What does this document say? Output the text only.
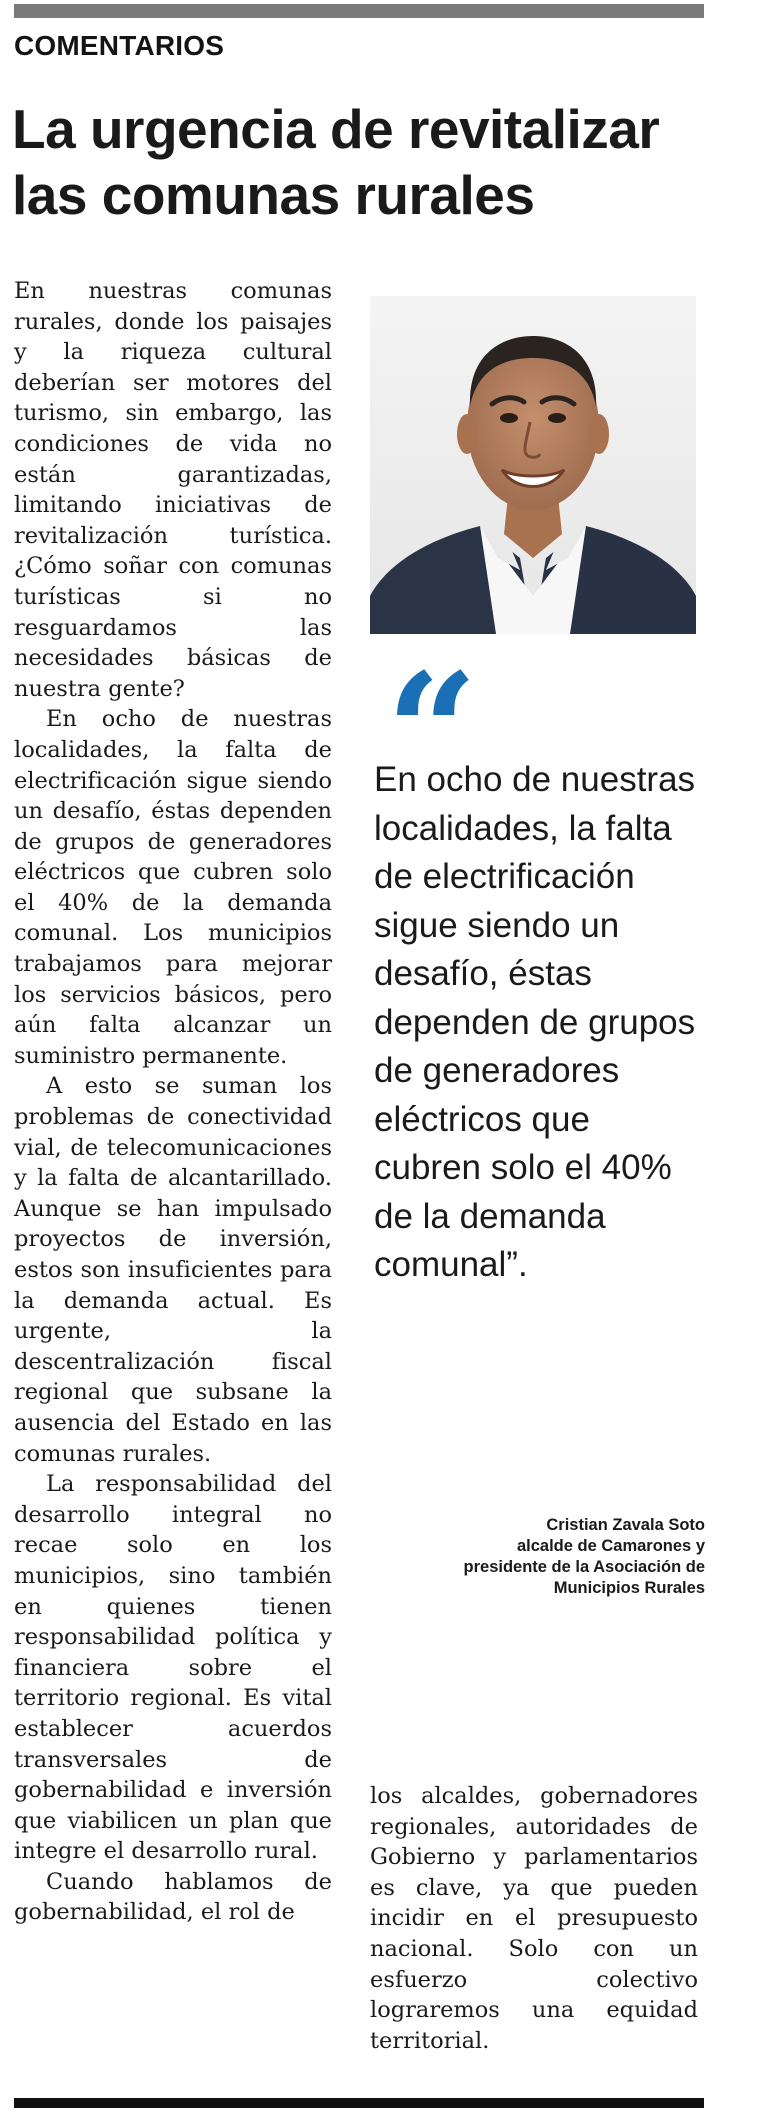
COMENTARIOS
La urgencia de revitalizar las comunas rurales

En nuestras comunas rurales, donde los paisajes y la riqueza cultural deberían ser motores del turismo, sin embargo, las condiciones de vida no están garantizadas, limitando iniciativas de revitalización turística. ¿Cómo soñar con comunas turísticas si no resguardamos las necesidades básicas de nuestra gente?

En ocho de nuestras localidades, la falta de electrificación sigue siendo un desafío, éstas dependen de grupos de generadores eléctricos que cubren solo el 40% de la demanda comunal. Los municipios trabajamos para mejorar los servicios básicos, pero aún falta alcanzar un suministro permanente.

A esto se suman los problemas de conectividad vial, de telecomunicaciones y la falta de alcantarillado. Aunque se han impulsado proyectos de inversión, estos son insuficientes para la demanda actual. Es urgente, la descentralización fiscal regional que subsane la ausencia del Estado en las comunas rurales.

La responsabilidad del desarrollo integral no recae solo en los municipios, sino también en quienes tienen responsabilidad política y financiera sobre el territorio regional. Es vital establecer acuerdos transversales de gobernabilidad e inversión que viabilicen un plan que integre el desarrollo rural.

Cuando hablamos de gobernabilidad, el rol de

“

En ocho de nuestras localidades, la falta de electrificación sigue siendo un desafío, éstas dependen de grupos de generadores eléctricos que cubren solo el 40% de la demanda comunal”.

Cristian Zavala Soto
alcalde de Camarones y
presidente de la Asociación de
Municipios Rurales

los alcaldes, gobernadores regionales, autoridades de Gobierno y parlamentarios es clave, ya que pueden incidir en el presupuesto nacional. Solo con un esfuerzo colectivo lograremos una equidad territorial.
